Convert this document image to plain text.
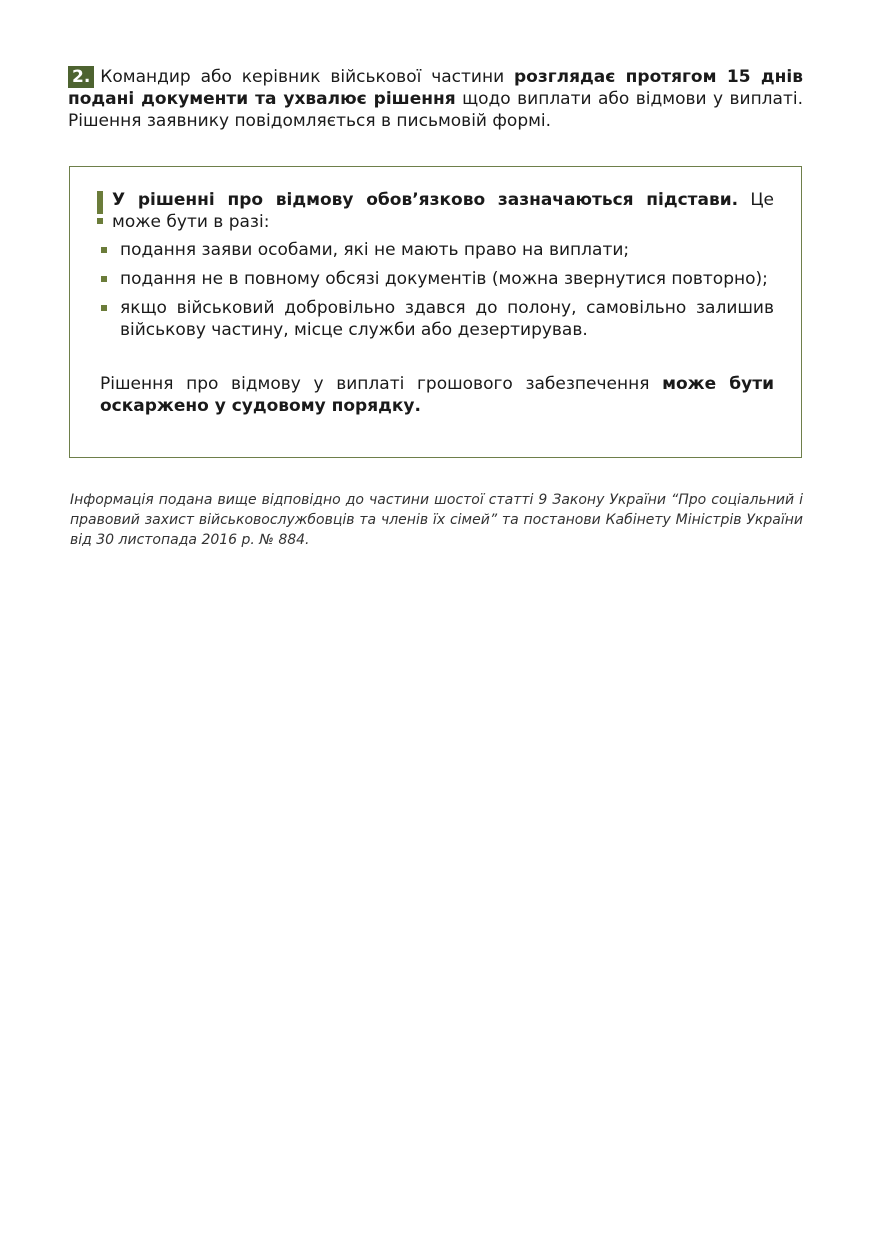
2. Командир або керівник військової частини розглядає протягом 15 днів подані документи та ухвалює рішення щодо виплати або відмови у виплаті. Рішення заявнику повідомляється в письмовій формі.
У рішенні про відмову обов’язково зазначаються підстави. Це може бути в разі:
подання заяви особами, які не мають право на виплати;
подання не в повному обсязі документів (можна звернутися повторно);
якщо військовий добровільно здався до полону, самовільно залишив військову частину, місце служби або дезертирував.
Рішення про відмову у виплаті грошового забезпечення може бути оскаржено у судовому порядку.
Інформація подана вище відповідно до частини шостої статті 9 Закону України “Про соціальний і правовий захист військовослужбовців та членів їх сімей” та постанови Кабінету Міністрів України від 30 листопада 2016 р. № 884.
